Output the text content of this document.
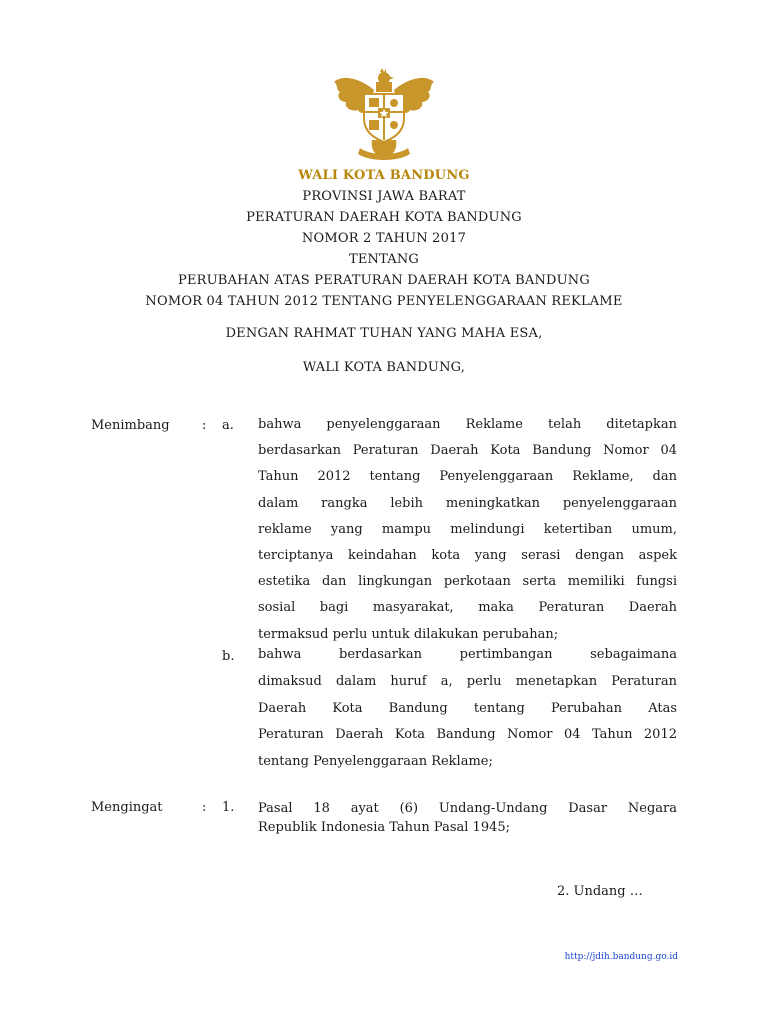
WALI KOTA BANDUNG
PROVINSI JAWA BARAT
PERATURAN DAERAH KOTA BANDUNG
NOMOR 2 TAHUN 2017
TENTANG
PERUBAHAN ATAS PERATURAN DAERAH KOTA BANDUNG
NOMOR 04 TAHUN 2012 TENTANG PENYELENGGARAAN REKLAME
DENGAN RAHMAT TUHAN YANG MAHA ESA,
WALI KOTA BANDUNG,
Menimbang : a. bahwa penyelenggaraan Reklame telah ditetapkan
berdasarkan Peraturan Daerah Kota Bandung Nomor 04
Tahun 2012 tentang Penyelenggaraan Reklame, dan
dalam rangka lebih meningkatkan penyelenggaraan
reklame yang mampu melindungi ketertiban umum,
terciptanya keindahan kota yang serasi dengan aspek
estetika dan lingkungan perkotaan serta memiliki fungsi
sosial bagi masyarakat, maka Peraturan Daerah
termaksud perlu untuk dilakukan perubahan;
b. bahwa berdasarkan pertimbangan sebagaimana
dimaksud dalam huruf a, perlu menetapkan Peraturan
Daerah Kota Bandung tentang Perubahan Atas
Peraturan Daerah Kota Bandung Nomor 04 Tahun 2012
tentang Penyelenggaraan Reklame;
Mengingat	: 1. Pasal 18 ayat (6) Undang-Undang Dasar Negara
Republik Indonesia Tahun Pasal 1945;
2. Undang …
http://jdih.bandung.go.id
